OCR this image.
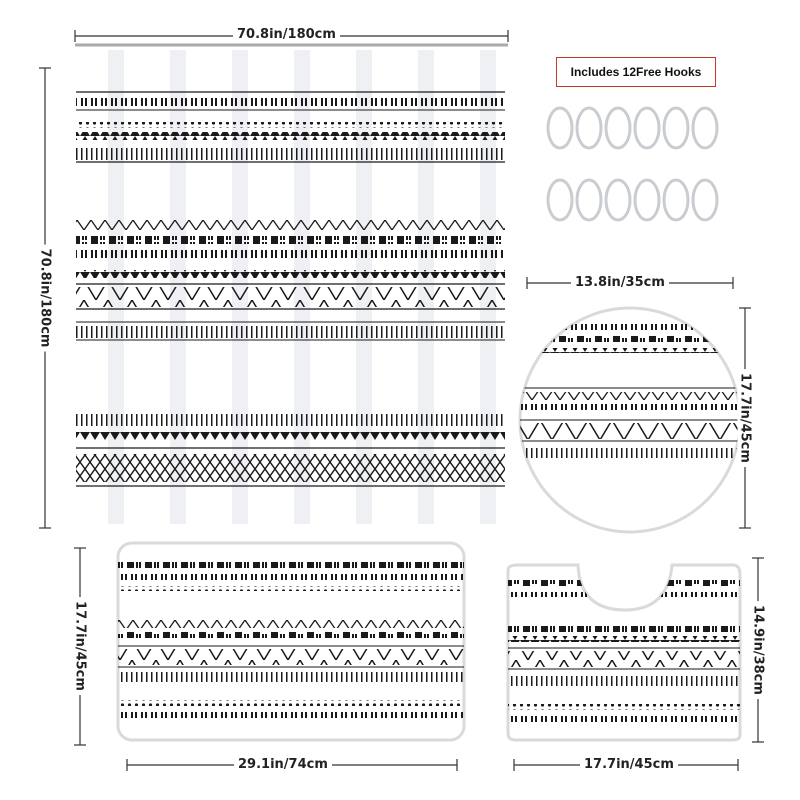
70.8in/180cm
70.8in/180cm
Includes 12Free Hooks
13.8in/35cm
17.7in/45cm
29.1in/74cm
17.7in/45cm
17.7in/45cm
14.9in/38cm
